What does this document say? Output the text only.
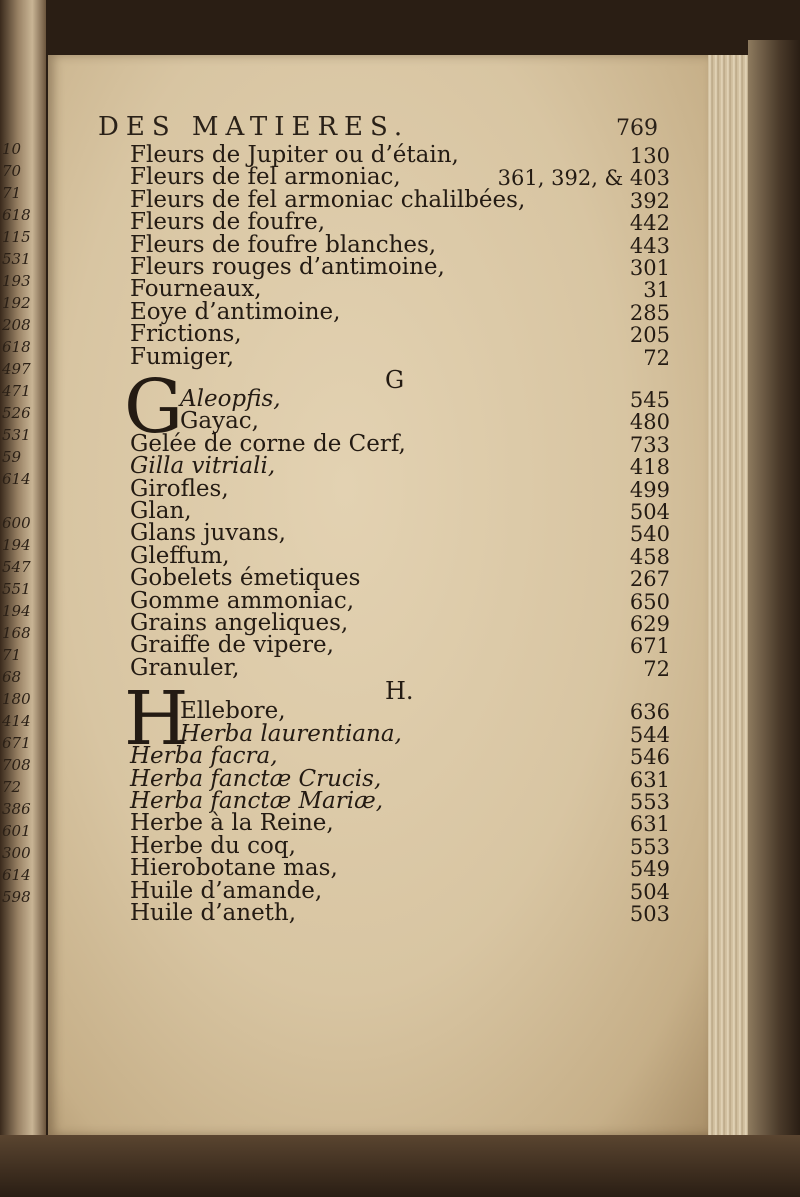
10
70
71
618
115
531
193
192
208
618
497
471
526
531
59
614
600
194
547
551
194
168
71
68
180
414
671
708
72
386
601
300
614
598
DES MATIERES.	769
Fleurs de Jupiter ou d’étain,	130
Fleurs de fel armoniac,	361, 392, & 403
Fleurs de fel armoniac chalilbées,	392
Fleurs de foufre,	442
Fleurs de foufre blanches,	443
Fleurs rouges d’antimoine,	301
Fourneaux,	31
Eoye d’antimoine,	285
Frictions,	205
Fumiger,	72
G
G
Aleopfis,	545
Gayac,	480
Gelée de corne de Cerf,	733
Gilla vitriali,	418
Girofles,	499
Glan,	504
Glans juvans,	540
Gleffum,	458
Gobelets émetiques	267
Gomme ammoniac,	650
Grains angeliques,	629
Graiffe de vipere,	671
Granuler,	72
H.
H
Ellebore,	636
Herba laurentiana,	544
Herba facra,	546
Herba fanctæ Crucis,	631
Herba fanctæ Mariæ,	553
Herbe à la Reine,	631
Herbe du coq,	553
Hierobotane mas,	549
Huile d’amande,	504
Huile d’aneth,	503
